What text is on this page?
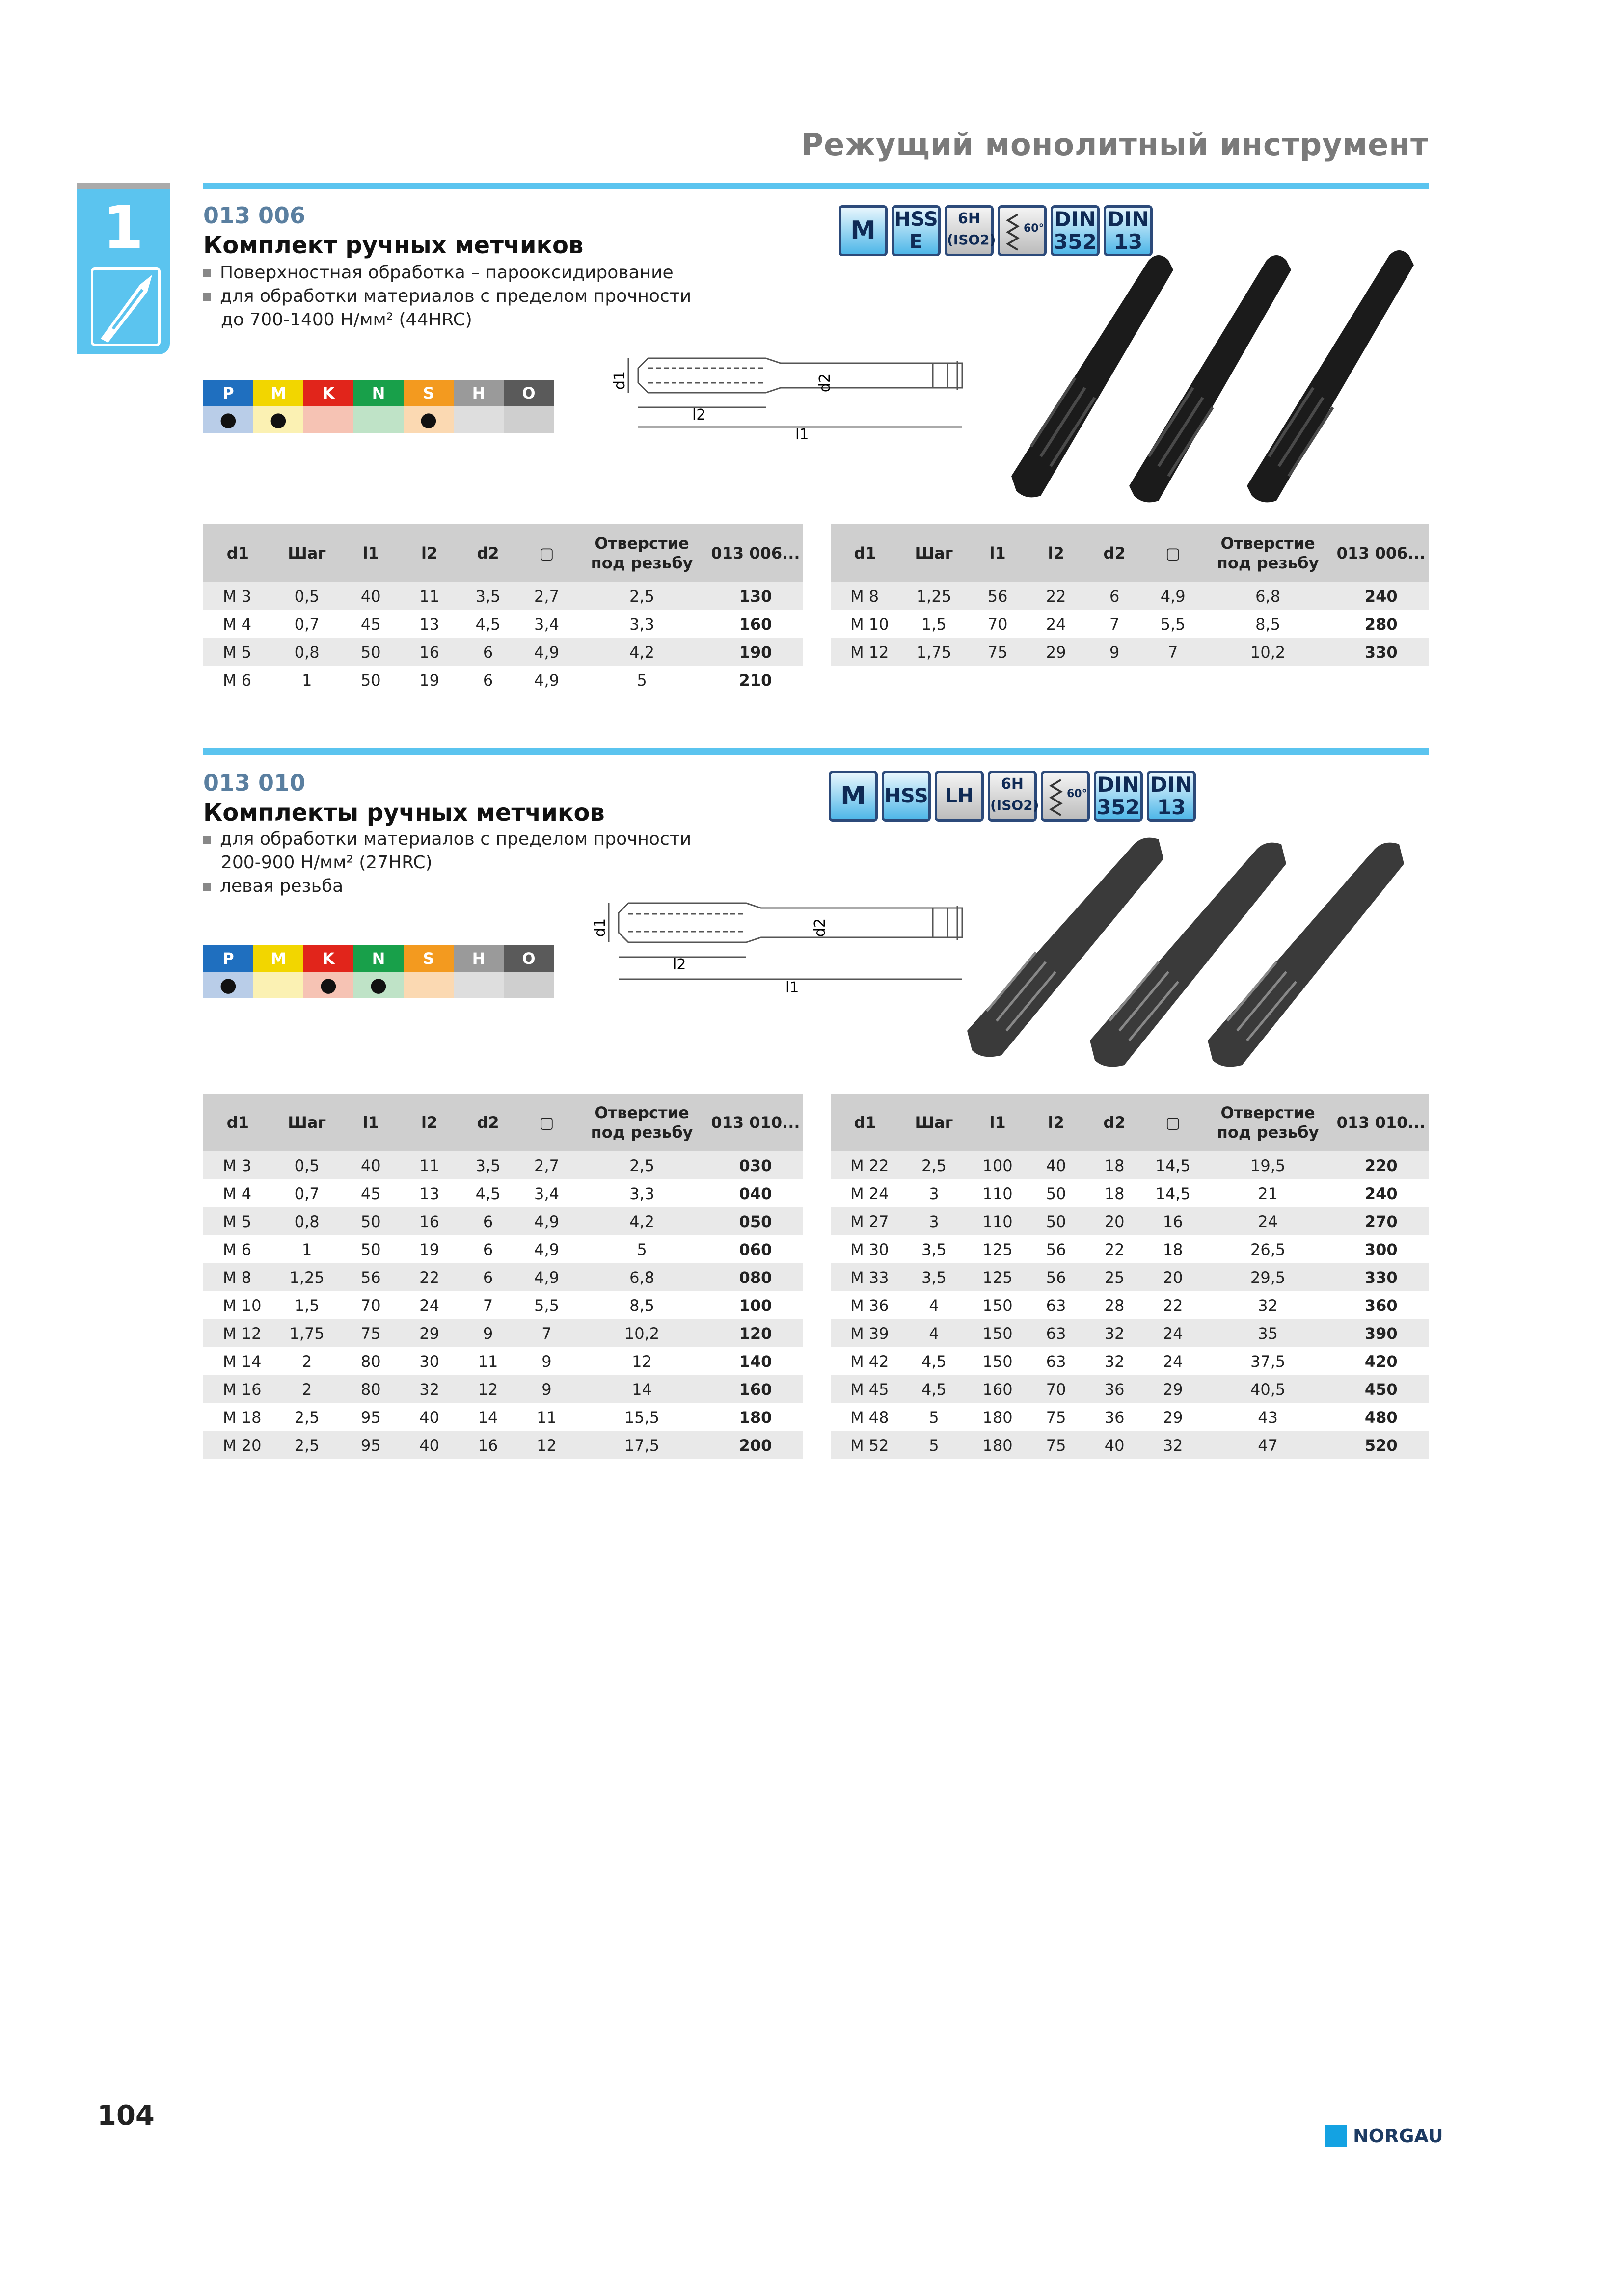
Режущий монолитный инструмент
1	013 006
Комплект ручных метчиков
Поверхностная обработка – парооксидирование
для обработки материалов с пределом прочности
до 700-1400 Н/мм² (44HRC)
P	M	K	N	S	H	O
●	●			●		
M HSS
E
6H
(ISO2)
60° DIN
352
DIN
13
d1	d2
l2
l1
d1	Шаг	l1	l2	d2	▢	Отверстие под резьбу	013 006...
M 3	0,5	40	11	3,5	2,7	2,5	130
M 4	0,7	45	13	4,5	3,4	3,3	160
M 5	0,8	50	16	6	4,9	4,2	190
M 6	1	50	19	6	4,9	5	210
d1	Шаг	l1	l2	d2	▢	Отверстие под резьбу	013 006...
M 8	1,25	56	22	6	4,9	6,8	240
M 10	1,5	70	24	7	5,5	8,5	280
M 12	1,75	75	29	9	7	10,2	330
013 010
Комплекты ручных метчиков
для обработки материалов с пределом прочности
200-900 Н/мм² (27HRC)
левая резьба
P	M	K	N	S	H	O
●		●	●			
M HSS LH
6H
(ISO2)
60° DIN
352
DIN
13
d1	d2
l2
l1
d1	Шаг	l1	l2	d2	▢	Отверстие под резьбу	013 010...
M 3	0,5	40	11	3,5	2,7	2,5	030
M 4	0,7	45	13	4,5	3,4	3,3	040
M 5	0,8	50	16	6	4,9	4,2	050
M 6	1	50	19	6	4,9	5	060
M 8	1,25	56	22	6	4,9	6,8	080
M 10	1,5	70	24	7	5,5	8,5	100
M 12	1,75	75	29	9	7	10,2	120
M 14	2	80	30	11	9	12	140
M 16	2	80	32	12	9	14	160
M 18	2,5	95	40	14	11	15,5	180
M 20	2,5	95	40	16	12	17,5	200
d1	Шаг	l1	l2	d2	▢	Отверстие под резьбу	013 010...
M 22	2,5	100	40	18	14,5	19,5	220
M 24	3	110	50	18	14,5	21	240
M 27	3	110	50	20	16	24	270
M 30	3,5	125	56	22	18	26,5	300
M 33	3,5	125	56	25	20	29,5	330
M 36	4	150	63	28	22	32	360
M 39	4	150	63	32	24	35	390
M 42	4,5	150	63	32	24	37,5	420
M 45	4,5	160	70	36	29	40,5	450
M 48	5	180	75	36	29	43	480
M 52	5	180	75	40	32	47	520
104
NORGAU
